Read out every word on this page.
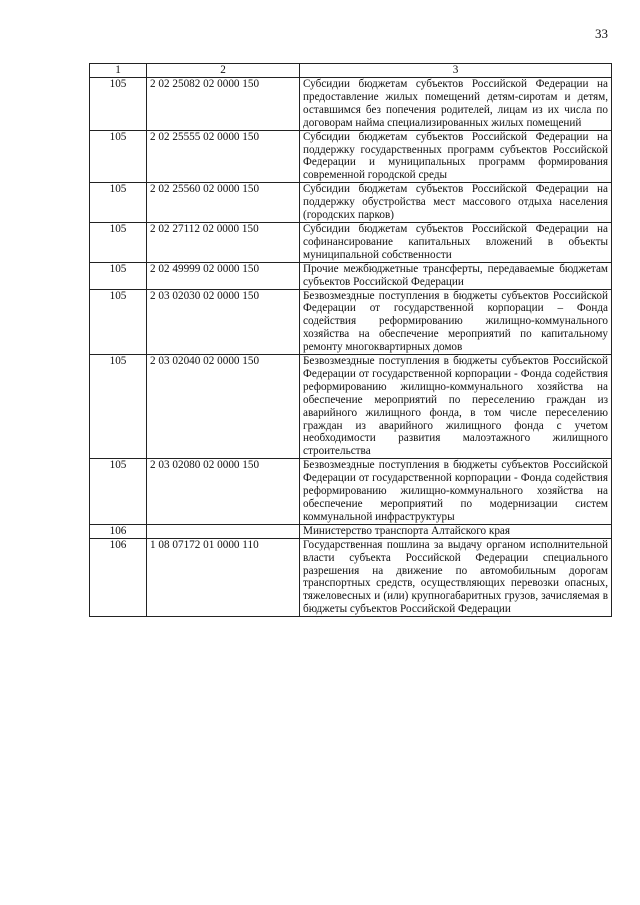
33
1	2	3
105	2 02 25082 02 0000 150	Субсидии бюджетам субъектов Российской Федерации на предоставление жилых помещений детям-сиротам и детям, оставшимся без попечения родителей, лицам из их числа по договорам найма специализированных жилых помещений
105	2 02 25555 02 0000 150	Субсидии бюджетам субъектов Российской Федерации на поддержку государственных программ субъектов Российской Федерации и муниципальных программ формирования современной городской среды
105	2 02 25560 02 0000 150	Субсидии бюджетам субъектов Российской Федерации на поддержку обустройства мест массового отдыха населения (городских парков)
105	2 02 27112 02 0000 150	Субсидии бюджетам субъектов Российской Федерации на софинансирование капитальных вложений в объекты муниципальной собственности
105	2 02 49999 02 0000 150	Прочие межбюджетные трансферты, передаваемые бюджетам субъектов Российской Федерации
105	2 03 02030 02 0000 150	Безвозмездные поступления в бюджеты субъектов Российской Федерации от государственной корпорации – Фонда содействия реформированию жилищно-коммунального хозяйства на обеспечение мероприятий по капитальному ремонту многоквартирных домов
105	2 03 02040 02 0000 150	Безвозмездные поступления в бюджеты субъектов Российской Федерации от государственной корпорации - Фонда содействия реформированию жилищно-коммунального хозяйства на обеспечение мероприятий по переселению граждан из аварийного жилищного фонда, в том числе переселению граждан из аварийного жилищного фонда с учетом необходимости развития малоэтажного жилищного строительства
105	2 03 02080 02 0000 150	Безвозмездные поступления в бюджеты субъектов Российской Федерации от государственной корпорации - Фонда содействия реформированию жилищно-коммунального хозяйства на обеспечение мероприятий по модернизации систем коммунальной инфраструктуры
106		Министерство транспорта Алтайского края
106	1 08 07172 01 0000 110	Государственная пошлина за выдачу органом исполнительной власти субъекта Российской Федерации специального разрешения на движение по автомобильным дорогам транспортных средств, осуществляющих перевозки опасных, тяжеловесных и (или) крупногабаритных грузов, зачисляемая в бюджеты субъектов Российской Федерации
